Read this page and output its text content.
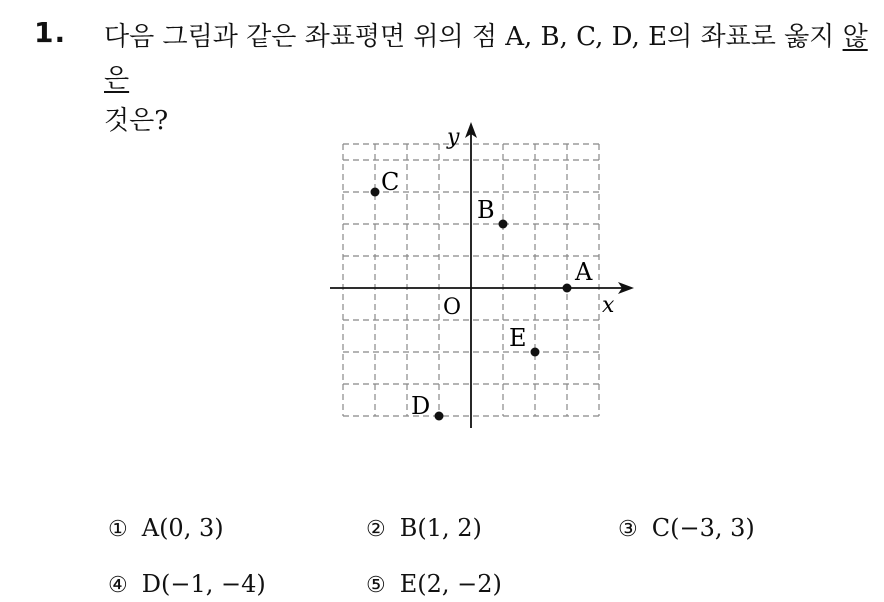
1. 다음 그림과 같은 좌표평면 위의 점 A, B, C, D, E의 좌표로 옳지 않은
것은?
x
y
O
A
B
C
D
E
① A(0, 3)	② B(1, 2)	③ C(−3, 3)
④ D(−1, −4)	⑤ E(2, −2)
